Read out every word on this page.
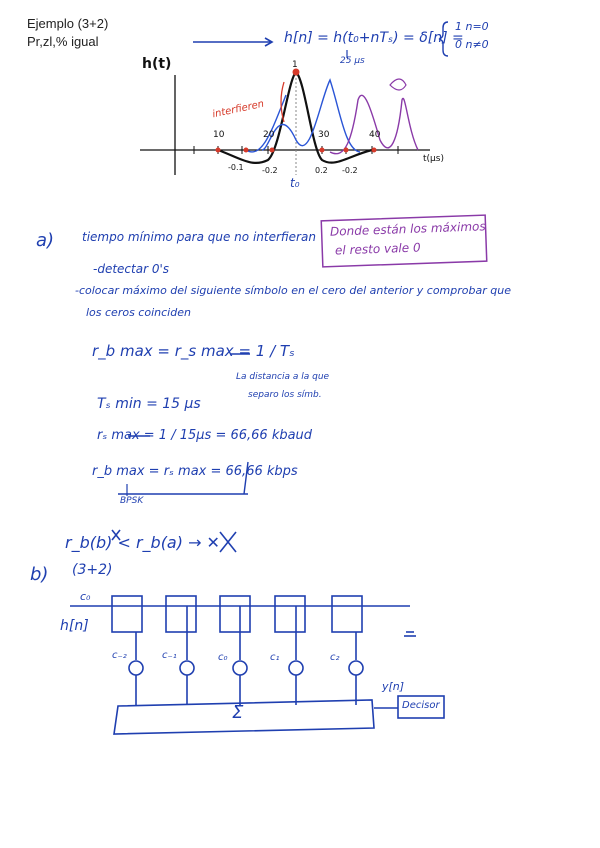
Ejemplo (3+2)
Pr,zl,% igual	h[n] = h(t₀+nTₛ) = δ[n] =
1 n=0
0 n≠0
25 µs
h(t)	1
10	20	30	40
-0.1 -0.2	0.2 -0.2
t(µs)
t₀
interfieren
Donde están los máximos
el resto vale 0
a) tiempo mínimo para que no interfieran
-detectar 0's
-colocar máximo del siguiente símbolo en el cero del anterior y comprobar que
los ceros coinciden
r_b max = r_s max = 1 / Tₛ
La distancia a la que
separo los símb.
Tₛ min = 15 µs
rₛ max = 1 / 15µs = 66,66 kbaud
r_b max = rₛ max = 66,66 kbps
BPSK
r_b(b) < r_b(a) → ✕
b) (3+2)
c₀
h[n]
c₋₂	c₋₁	c₀	c₁	c₂
Σ
y[n]
Decisor
